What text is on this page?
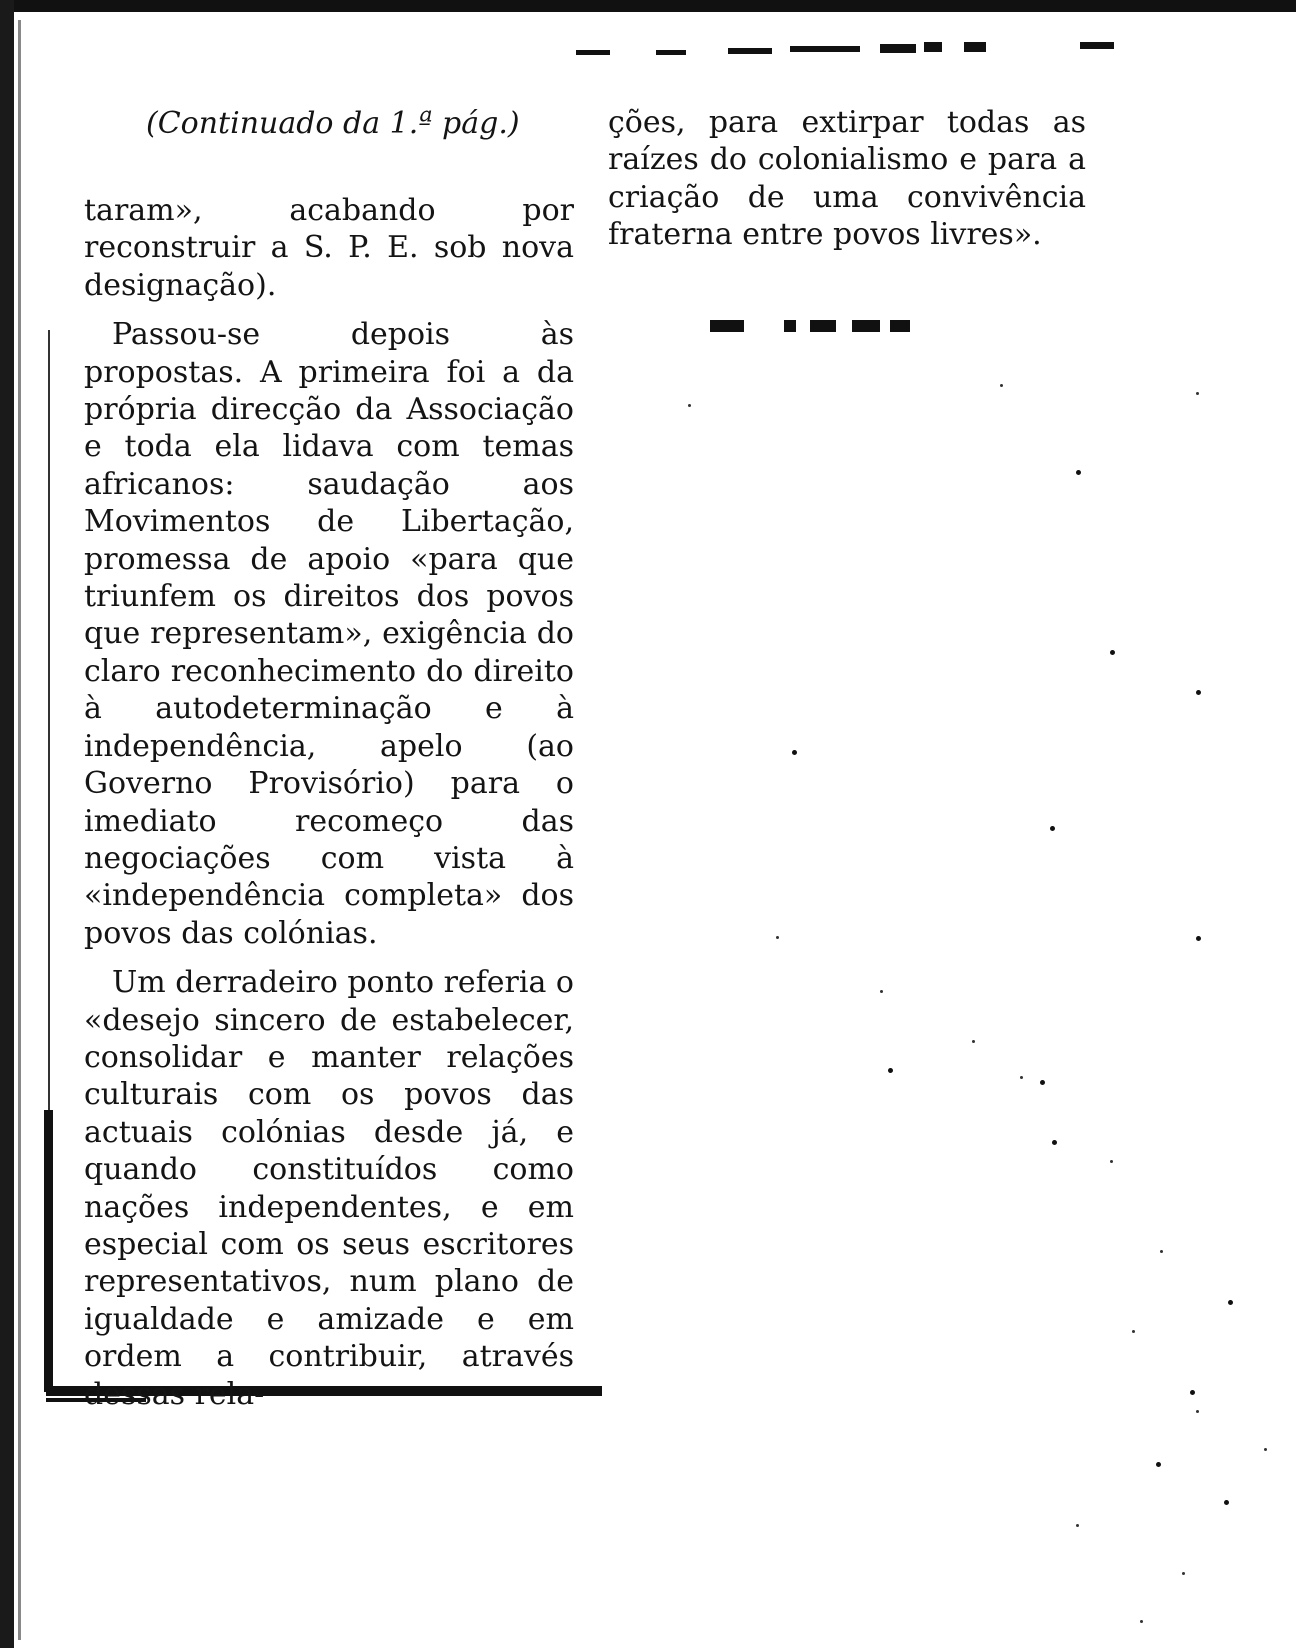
(Continuado da 1.ª pág.)

taram», acabando por reconstruir a S. P. E. sob nova designação).

Passou-se depois às propostas. A primeira foi a da própria direcção da Associação e toda ela lidava com temas africanos: saudação aos Movimentos de Libertação, promessa de apoio «para que triunfem os direitos dos povos que representam», exigência do claro reconhecimento do direito à autodeterminação e à independência, apelo (ao Governo Provisório) para o imediato recomeço das negociações com vista à «independência completa» dos povos das colónias.

Um derradeiro ponto referia o «desejo sincero de estabelecer, consolidar e manter relações culturais com os povos das actuais colónias desde já, e quando constituídos como nações independentes, e em especial com os seus escritores representativos, num plano de igualdade e amizade e em ordem a contribuir, através dessas rela-

ções, para extirpar todas as raízes do colonialismo e para a criação de uma convivência fraterna entre povos livres».
